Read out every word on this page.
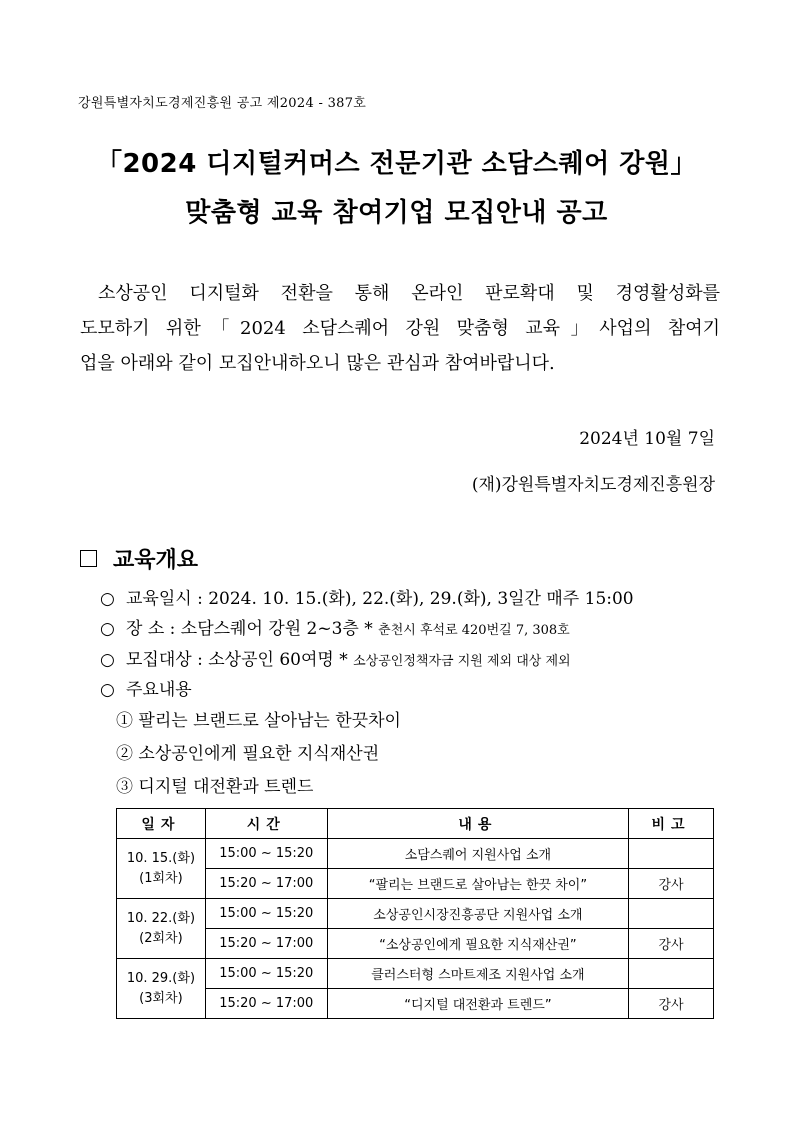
강원특별자치도경제진흥원 공고 제2024 - 387호
「2024 디지털커머스 전문기관 소담스퀘어 강원」
맞춤형 교육 참여기업 모집안내 공고
소상공인 디지털화 전환을 통해 온라인 판로확대 및 경영활성화를
도모하기 위한「2024 소담스퀘어 강원 맞춤형 교육」사업의 참여기
업을 아래와 같이 모집안내하오니 많은 관심과 참여바랍니다.
2024년 10월 7일
(재)강원특별자치도경제진흥원장
교육개요
○ 교육일시 : 2024. 10. 15.(화), 22.(화), 29.(화), 3일간 매주 15:00
○ 장 소 : 소담스퀘어 강원 2~3층 * 춘천시 후석로 420번길 7, 308호
○ 모집대상 : 소상공인 60여명 * 소상공인정책자금 지원 제외 대상 제외
○ 주요내용
① 팔리는 브랜드로 살아남는 한끗차이
② 소상공인에게 필요한 지식재산권
③ 디지털 대전환과 트렌드
일자	시간	내용	비고

10. 15.(화)
(1회차)	15:00 ~ 15:20	소담스퀘어 지원사업 소개	
	15:20 ~ 17:00	“팔리는 브랜드로 살아남는 한끗 차이”	강사

10. 22.(화)
(2회차)	15:00 ~ 15:20	소상공인시장진흥공단 지원사업 소개	
	15:20 ~ 17:00	“소상공인에게 필요한 지식재산권”	강사

10. 29.(화)
(3회차)	15:00 ~ 15:20	클러스터형 스마트제조 지원사업 소개	
	15:20 ~ 17:00	“디지털 대전환과 트렌드”	강사
